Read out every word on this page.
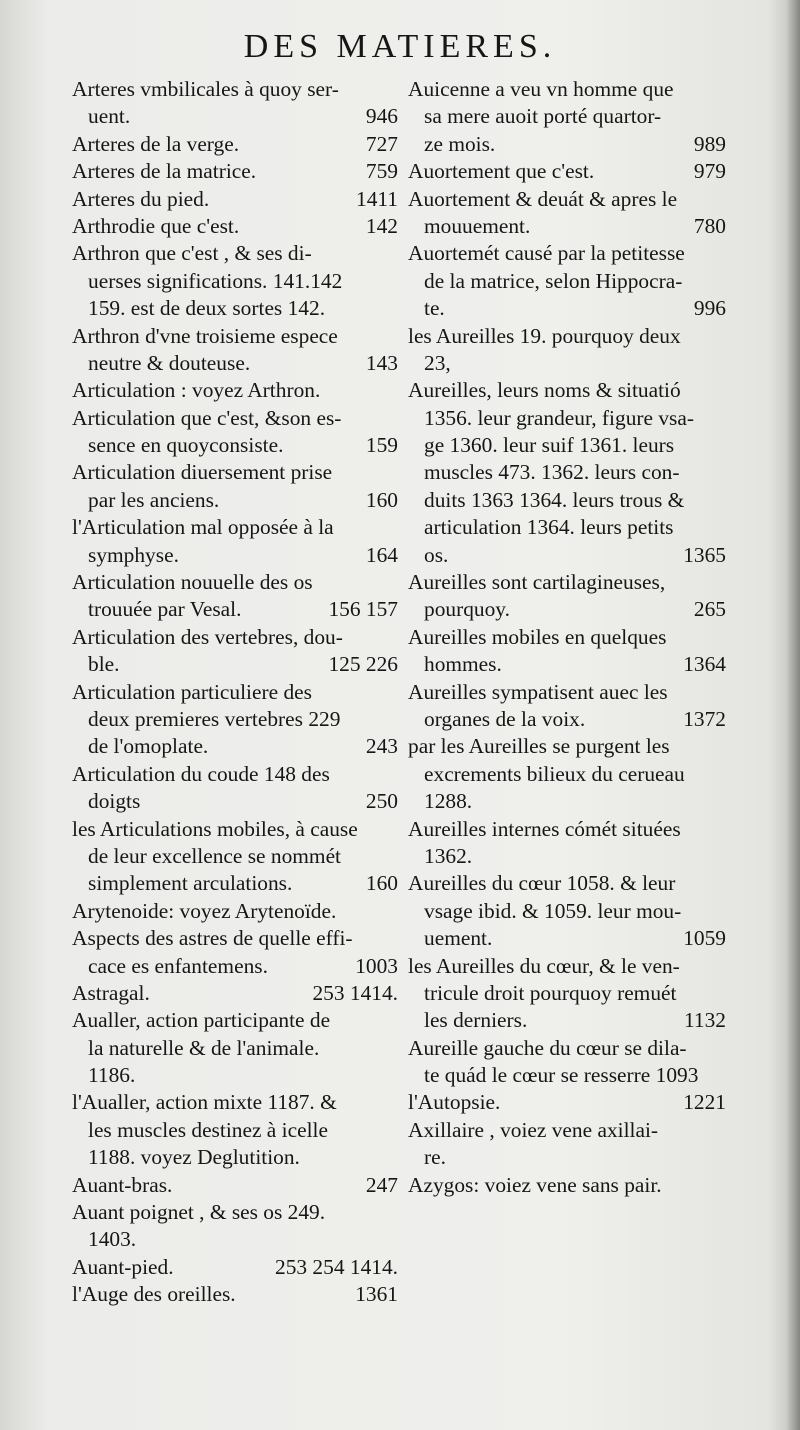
DES MATIERES.
Arteres vmbilicales à quoy ser-
uent.	946
Arteres de la verge.	727
Arteres de la matrice.	759
Arteres du pied.	1411
Arthrodie que c'est.	142
Arthron que c'est , & ses di-
uerses significations. 141.142
159. est de deux sortes 142.
Arthron d'vne troisieme espece
neutre & douteuse.	143
Articulation : voyez Arthron.
Articulation que c'est, &son es-
sence en quoyconsiste.	159
Articulation diuersement prise
par les anciens.	160
l'Articulation mal opposée à la
symphyse.	164
Articulation nouuelle des os
trouuée par Vesal.	156 157
Articulation des vertebres, dou-
ble.	125 226
Articulation particuliere des
deux premieres vertebres 229
de l'omoplate.	243
Articulation du coude 148 des
doigts	250
les Articulations mobiles, à cause
de leur excellence se nommét
simplement arculations.	160
Arytenoide: voyez Arytenoïde.
Aspects des astres de quelle effi-
cace es enfantemens.	1003
Astragal.	253 1414.
Aualler, action participante de
la naturelle & de l'animale.
1186.
l'Aualler, action mixte 1187. &
les muscles destinez à icelle
1188. voyez Deglutition.
Auant-bras.	247
Auant poignet , & ses os 249.
1403.
Auant-pied.	253 254 1414.
l'Auge des oreilles.	1361
Auicenne a veu vn homme que
sa mere auoit porté quartor-
ze mois.	989
Auortement que c'est.	979
Auortement & deuát & apres le
mouuement.	780
Auortemét causé par la petitesse
de la matrice, selon Hippocra-
te.	996
les Aureilles 19. pourquoy deux
23,
Aureilles, leurs noms & situatió
1356. leur grandeur, figure vsa-
ge 1360. leur suif 1361. leurs
muscles 473. 1362. leurs con-
duits 1363 1364. leurs trous &
articulation 1364. leurs petits
os.	1365
Aureilles sont cartilagineuses,
pourquoy.	265
Aureilles mobiles en quelques
hommes.	1364
Aureilles sympatisent auec les
organes de la voix.	1372
par les Aureilles se purgent les
excrements bilieux du cerueau
1288.
Aureilles internes cómét situées
1362.
Aureilles du cœur 1058. & leur
vsage ibid. & 1059. leur mou-
uement.	1059
les Aureilles du cœur, & le ven-
tricule droit pourquoy remuét
les derniers.	1132
Aureille gauche du cœur se dila-
te quád le cœur se resserre 1093
l'Autopsie.	1221
Axillaire , voiez vene axillai-
re.
Azygos: voiez vene sans pair.
